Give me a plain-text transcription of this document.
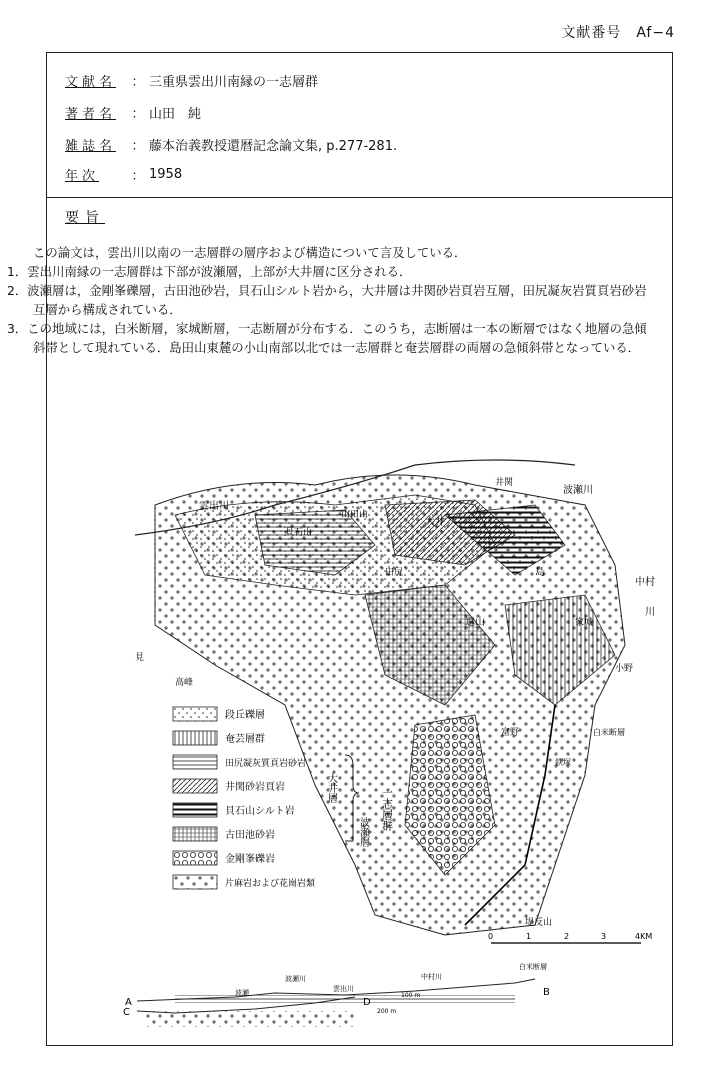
文献番号　Af−4
文献名	： 三重県雲出川南縁の一志層群
著者名	： 山田　純
雑誌名	： 藤本治義教授還暦記念論文集, p.277-281.
年次	： 1958
要旨

この論文は，雲出川以南の一志層群の層序および構造について言及している．

1．雲出川南縁の一志層群は下部が波瀬層，上部が大井層に区分される．

2．波瀬層は，金剛峯礫層，古田池砂岩，貝石山シルト岩から，大井層は井関砂岩頁岩互層，田尻凝灰岩質頁岩砂岩互層から構成されている．

3．この地域には，白米断層，家城断層，一志断層が分布する．このうち，志断層は一本の断層ではなく地層の急傾斜帯として現れている．島田山東麓の小山南部以北では一志層群と奄芸層群の両層の急傾斜帯となっている．

雲出川
波瀬川
山田山
大井
井関
島
中村
川
家城
小野
白米断層
高峰
見
遠山
富野
鉄塚
堤反山
田尻
貝石山
段丘礫層
奄芸層群
田尻凝灰質頁岩砂岩
井関砂岩頁岩
貝石山シルト岩
古田池砂岩
金剛峯礫岩
片麻岩および花崗岩類
大井層
波瀬層
一志層群
0	1	2	3	4KM
A
B
波瀬川	中村川
白米断層
C
D
波瀬	雲出川
100 m
200 m
